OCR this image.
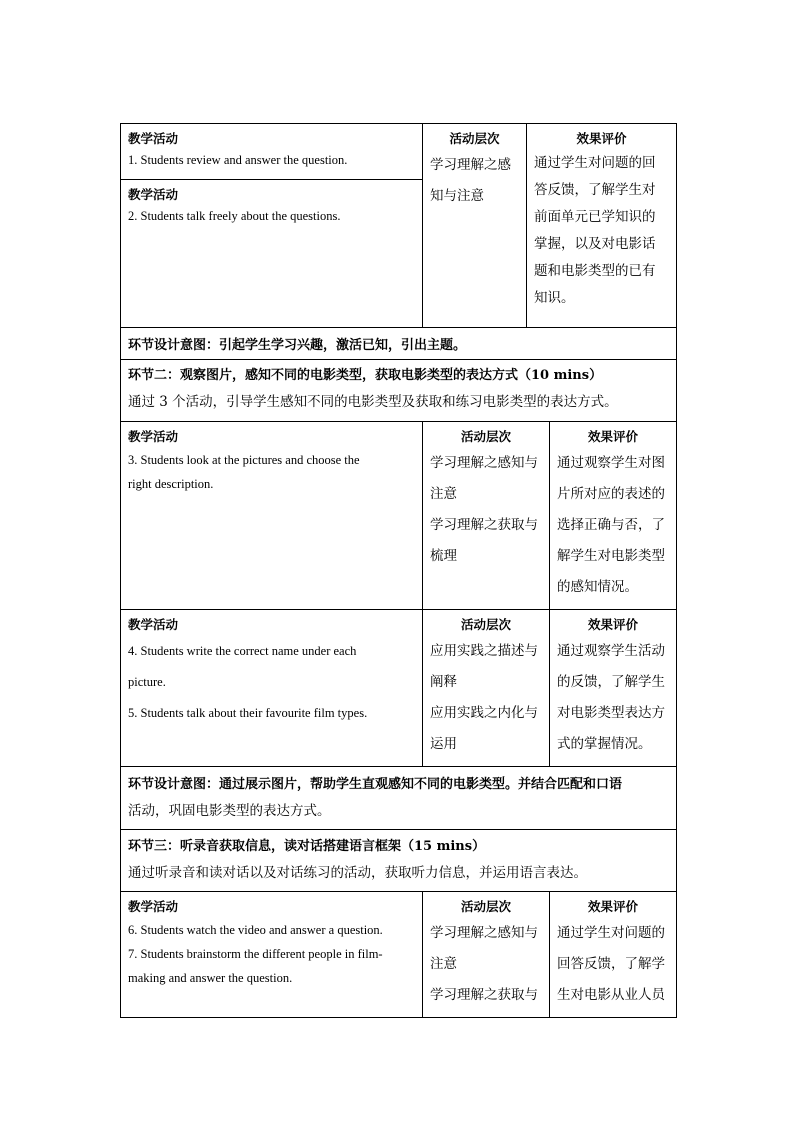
教学活动

1. Students review and answer the question.

教学活动

2. Students talk freely about the questions.

活动层次

学习理解之感

知与注意

效果评价

通过学生对问题的回

答反馈，了解学生对

前面单元已学知识的

掌握，以及对电影话

题和电影类型的已有

知识。

环节设计意图：引起学生学习兴趣，激活已知，引出主题。

环节二：观察图片，感知不同的电影类型，获取电影类型的表达方式（10 mins）

通过 3 个活动，引导学生感知不同的电影类型及获取和练习电影类型的表达方式。

教学活动

3. Students look at the pictures and choose the

right description.

活动层次

学习理解之感知与

注意

学习理解之获取与

梳理

效果评价

通过观察学生对图

片所对应的表述的

选择正确与否，了

解学生对电影类型

的感知情况。

教学活动

4. Students write the correct name under each

picture.

5. Students talk about their favourite film types.

活动层次

应用实践之描述与

阐释

应用实践之内化与

运用

效果评价

通过观察学生活动

的反馈，了解学生

对电影类型表达方

式的掌握情况。

环节设计意图：通过展示图片，帮助学生直观感知不同的电影类型。并结合匹配和口语

活动，巩固电影类型的表达方式。

环节三：听录音获取信息，读对话搭建语言框架（15 mins）

通过听录音和读对话以及对话练习的活动，获取听力信息，并运用语言表达。

教学活动

6. Students watch the video and answer a question.

7. Students brainstorm the different people in film-

making and answer the question.

活动层次

学习理解之感知与

注意

学习理解之获取与

效果评价

通过学生对问题的

回答反馈，了解学

生对电影从业人员
